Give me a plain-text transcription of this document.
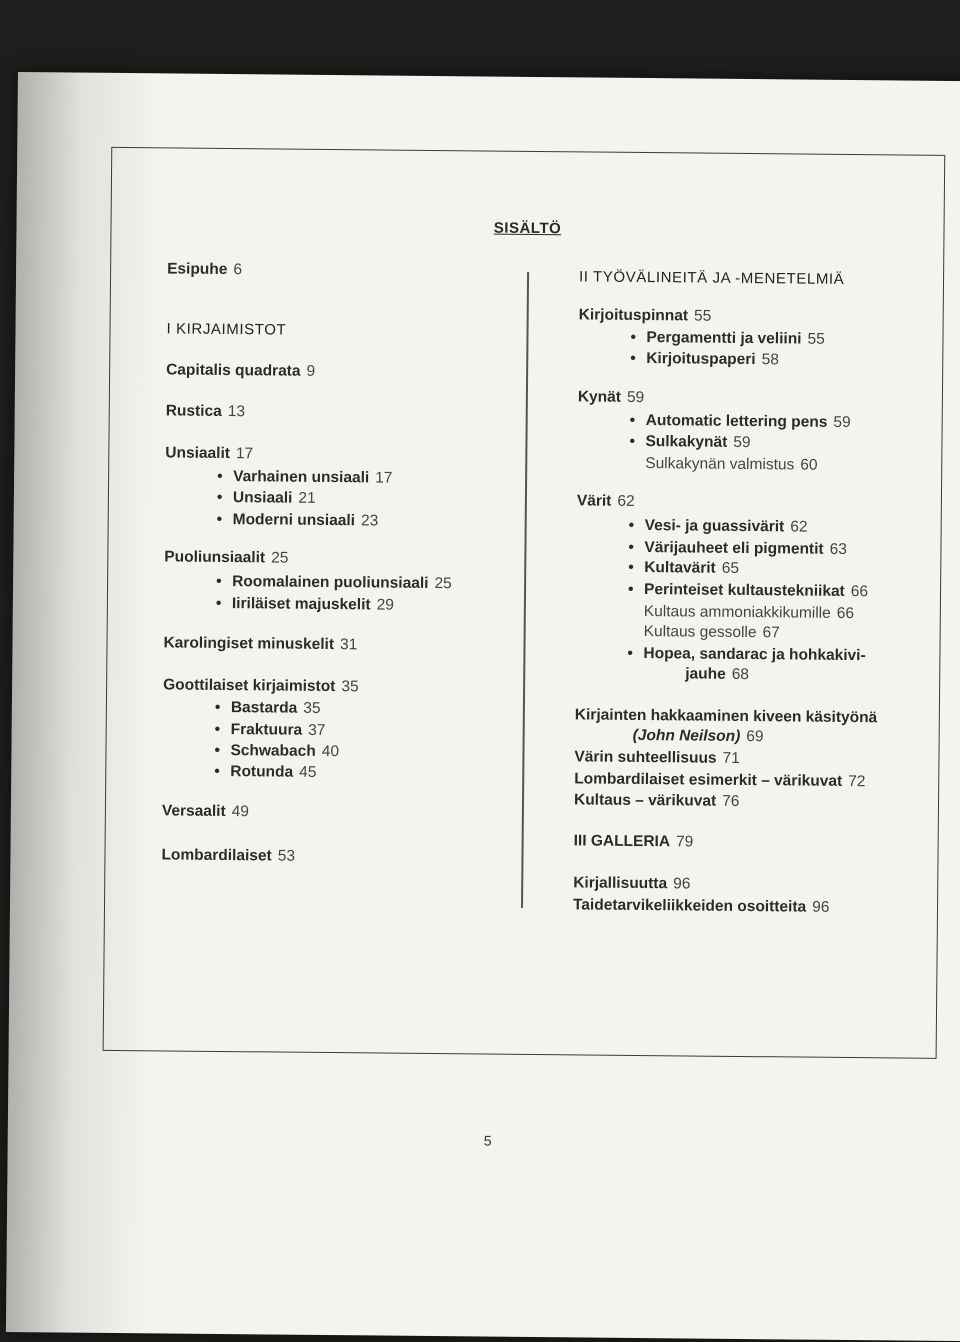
SISÄLTÖ
Esipuhe 6
I KIRJAIMISTOT
Capitalis quadrata 9
Rustica 13
Unsiaalit 17
• Varhainen unsiaali 17
• Unsiaali 21
• Moderni unsiaali 23
Puoliunsiaalit 25
• Roomalainen puoliunsiaali 25
• Iiriläiset majuskelit 29
Karolingiset minuskelit 31
Goottilaiset kirjaimistot 35
• Bastarda 35
• Fraktuura 37
• Schwabach 40
• Rotunda 45
Versaalit 49
Lombardilaiset 53
II TYÖVÄLINEITÄ JA -MENETELMIÄ
Kirjoituspinnat 55
• Pergamentti ja veliini 55
• Kirjoituspaperi 58
Kynät 59
• Automatic lettering pens 59
• Sulkakynät 59
Sulkakynän valmistus 60
Värit 62
• Vesi- ja guassivärit 62
• Värijauheet eli pigmentit 63
• Kultavärit 65
• Perinteiset kultaustekniikat 66
Kultaus ammoniakkikumille 66
Kultaus gessolle 67
• Hopea, sandarac ja hohkakivi-
jauhe 68
Kirjainten hakkaaminen kiveen käsityönä
(John Neilson) 69
Värin suhteellisuus 71
Lombardilaiset esimerkit – värikuvat 72
Kultaus – värikuvat 76
III GALLERIA 79
Kirjallisuutta 96
Taidetarvikeliikkeiden osoitteita 96
5
